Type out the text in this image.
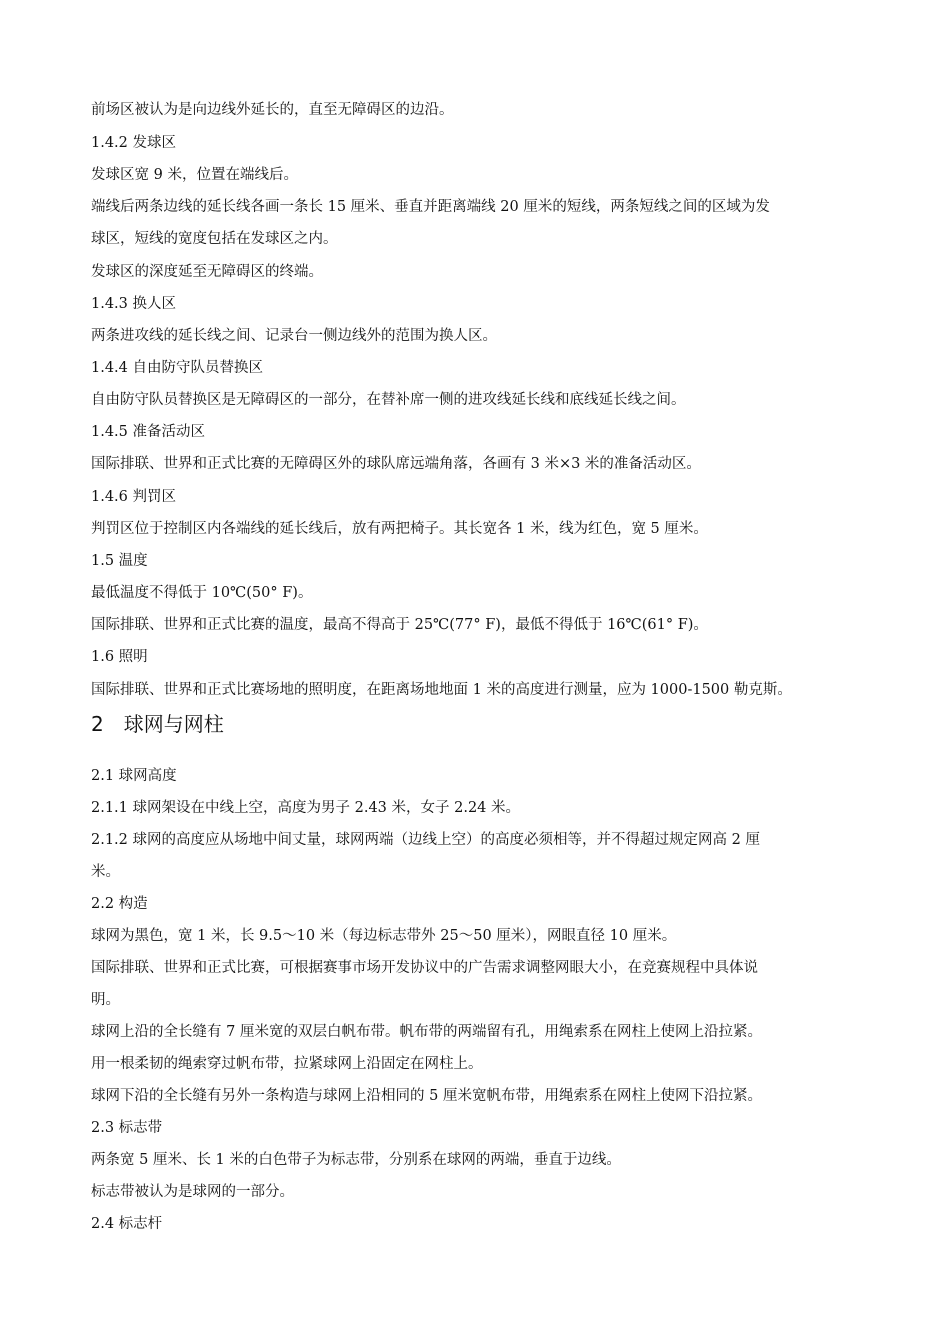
前场区被认为是向边线外延长的，直至无障碍区的边沿。
1.4.2 发球区
发球区宽 9 米，位置在端线后。
端线后两条边线的延长线各画一条长 15 厘米、垂直并距离端线 20 厘米的短线，两条短线之间的区域为发
球区，短线的宽度包括在发球区之内。
发球区的深度延至无障碍区的终端。
1.4.3 换人区
两条进攻线的延长线之间、记录台一侧边线外的范围为换人区。
1.4.4 自由防守队员替换区
自由防守队员替换区是无障碍区的一部分，在替补席一侧的进攻线延长线和底线延长线之间。
1.4.5 准备活动区
国际排联、世界和正式比赛的无障碍区外的球队席远端角落，各画有 3 米×3 米的准备活动区。
1.4.6 判罚区
判罚区位于控制区内各端线的延长线后，放有两把椅子。其长宽各 1 米，线为红色，宽 5 厘米。
1.5 温度
最低温度不得低于 10℃(50° F)。
国际排联、世界和正式比赛的温度，最高不得高于 25℃(77° F)，最低不得低于 16℃(61° F)。
1.6 照明
国际排联、世界和正式比赛场地的照明度，在距离场地地面 1 米的高度进行测量，应为 1000-1500 勒克斯。
2　球网与网柱
2.1 球网高度
2.1.1 球网架设在中线上空，高度为男子 2.43 米，女子 2.24 米。
2.1.2 球网的高度应从场地中间丈量，球网两端（边线上空）的高度必须相等，并不得超过规定网高 2 厘
米。
2.2 构造
球网为黑色，宽 1 米，长 9.5～10 米（每边标志带外 25～50 厘米），网眼直径 10 厘米。
国际排联、世界和正式比赛，可根据赛事市场开发协议中的广告需求调整网眼大小，在竞赛规程中具体说
明。
球网上沿的全长缝有 7 厘米宽的双层白帆布带。帆布带的两端留有孔，用绳索系在网柱上使网上沿拉紧。
用一根柔韧的绳索穿过帆布带，拉紧球网上沿固定在网柱上。
球网下沿的全长缝有另外一条构造与球网上沿相同的 5 厘米宽帆布带，用绳索系在网柱上使网下沿拉紧。
2.3 标志带
两条宽 5 厘米、长 1 米的白色带子为标志带，分别系在球网的两端，垂直于边线。
标志带被认为是球网的一部分。
2.4 标志杆
